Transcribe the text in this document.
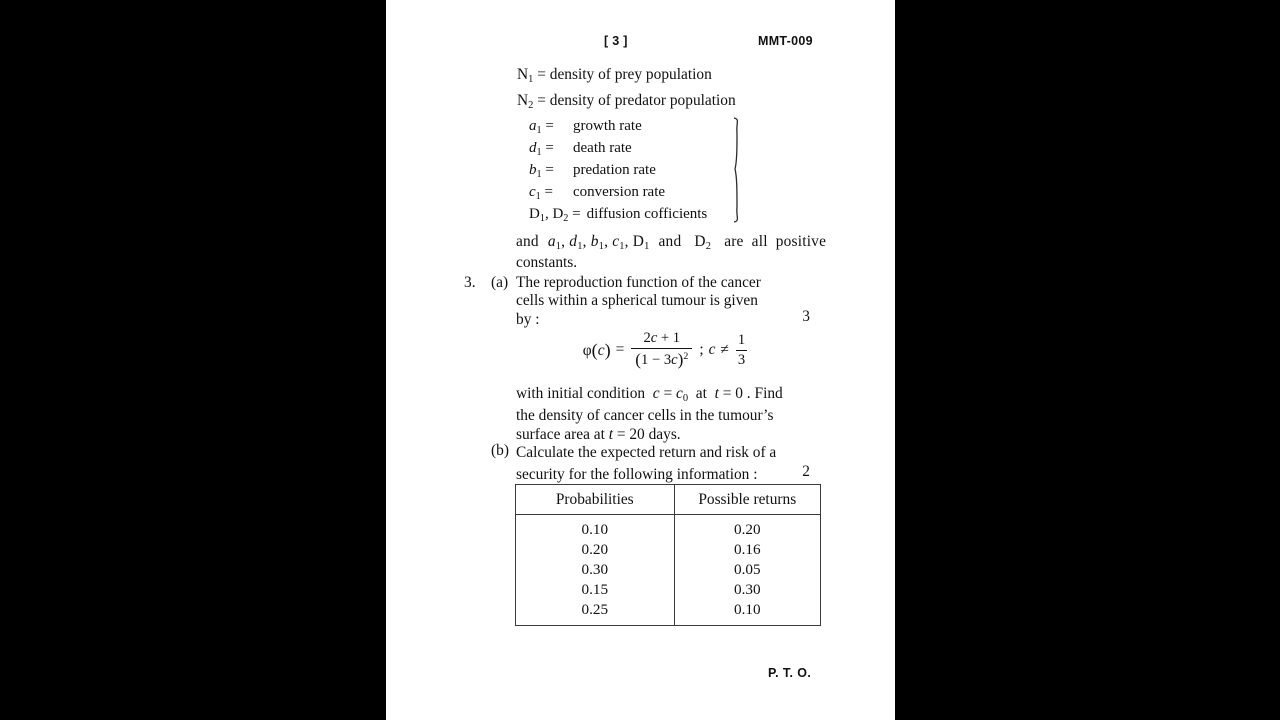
[ 3 ]	MMT-009
$N_1$ = density of prey population
$N_2$ = density of predator population
$a_1$ = growth rate
$d_1$ = death rate
$b_1$ = predation rate
$c_1$ = conversion rate
$D_1$, $D_2$ = diffusion cofficients
and $a_1$, $d_1$, $b_1$, $c_1$, $D_1$ and $D_2$ are  all  positive
constants.
3. (a) The reproduction function of the cancer
cells within a spherical tumour is given
by :	3
$\varphi(c) = \frac{2c + 1}{(1 - 3c)^2}$ ; $c \ne \frac{1}{3}$
with initial condition  $c = c_0$  at  t = 0 . Find
the density of cancer cells in the tumour’s
surface area at t = 20 days.
(b) Calculate the expected return and risk of a
security for the following information :	2
Probabilities	Possible returns
0.10	0.20
0.20	0.16
0.30	0.05
0.15	0.30
0.25	0.10
P. T. O.
